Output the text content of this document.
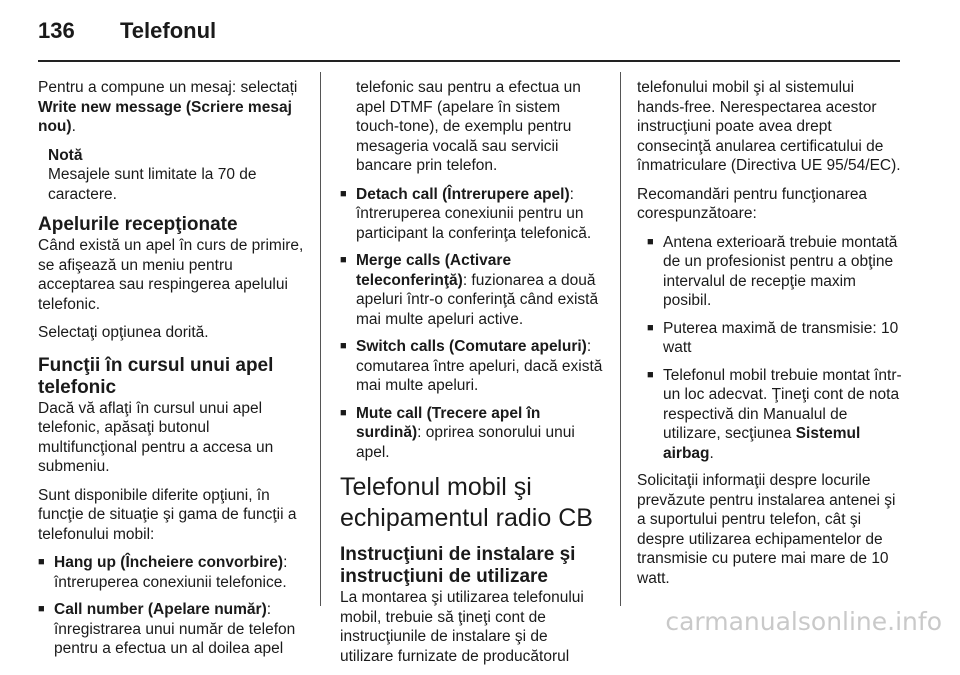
136 Telefonul

Pentru a compune un mesaj: selectați Write new message (Scriere mesaj nou).

Notă
Mesajele sunt limitate la 70 de caractere.
Apelurile recepţionate

Când există un apel în curs de primire, se afişează un meniu pentru acceptarea sau respingerea apelului telefonic.

Selectaţi opţiunea dorită.

Funcţii în cursul unui apel telefonic

Dacă vă aflaţi în cursul unui apel telefonic, apăsaţi butonul multifuncţional pentru a accesa un submeniu.

Sunt disponibile diferite opţiuni, în funcţie de situaţie şi gama de funcţii a telefonului mobil:

■ Hang up (Încheiere convorbire): întreruperea conexiunii telefonice.
■ Call number (Apelare număr): înregistrarea unui număr de telefon pentru a efectua un al doilea apel

telefonic sau pentru a efectua un apel DTMF (apelare în sistem touch-tone), de exemplu pentru mesageria vocală sau servicii bancare prin telefon.

■ Detach call (Întrerupere apel): întreruperea conexiunii pentru un participant la conferinţa telefonică.
■ Merge calls (Activare teleconferinţă): fuzionarea a două apeluri într-o conferinţă când există mai multe apeluri active.
■ Switch calls (Comutare apeluri): comutarea între apeluri, dacă există mai multe apeluri.
■ Mute call (Trecere apel în surdină): oprirea sonorului unui apel.
Telefonul mobil şi echipamentul radio CB
Instrucţiuni de instalare şi instrucţiuni de utilizare

La montarea şi utilizarea telefonului mobil, trebuie să ţineţi cont de instrucţiunile de instalare şi de utilizare furnizate de producătorul

telefonului mobil şi al sistemului hands-free. Nerespectarea acestor instrucţiuni poate avea drept consecinţă anularea certificatului de înmatriculare (Directiva UE 95/54/EC).

Recomandări pentru funcţionarea corespunzătoare:

■ Antena exterioară trebuie montată de un profesionist pentru a obţine intervalul de recepţie maxim posibil.
■ Puterea maximă de transmisie: 10 watt
■ Telefonul mobil trebuie montat într-un loc adecvat. Ţineţi cont de nota respectivă din Manualul de utilizare, secţiunea Sistemul airbag.

Solicitaţii informaţii despre locurile prevăzute pentru instalarea antenei şi a suportului pentru telefon, cât şi despre utilizarea echipamentelor de transmisie cu putere mai mare de 10 watt.

carmanualsonline.info
